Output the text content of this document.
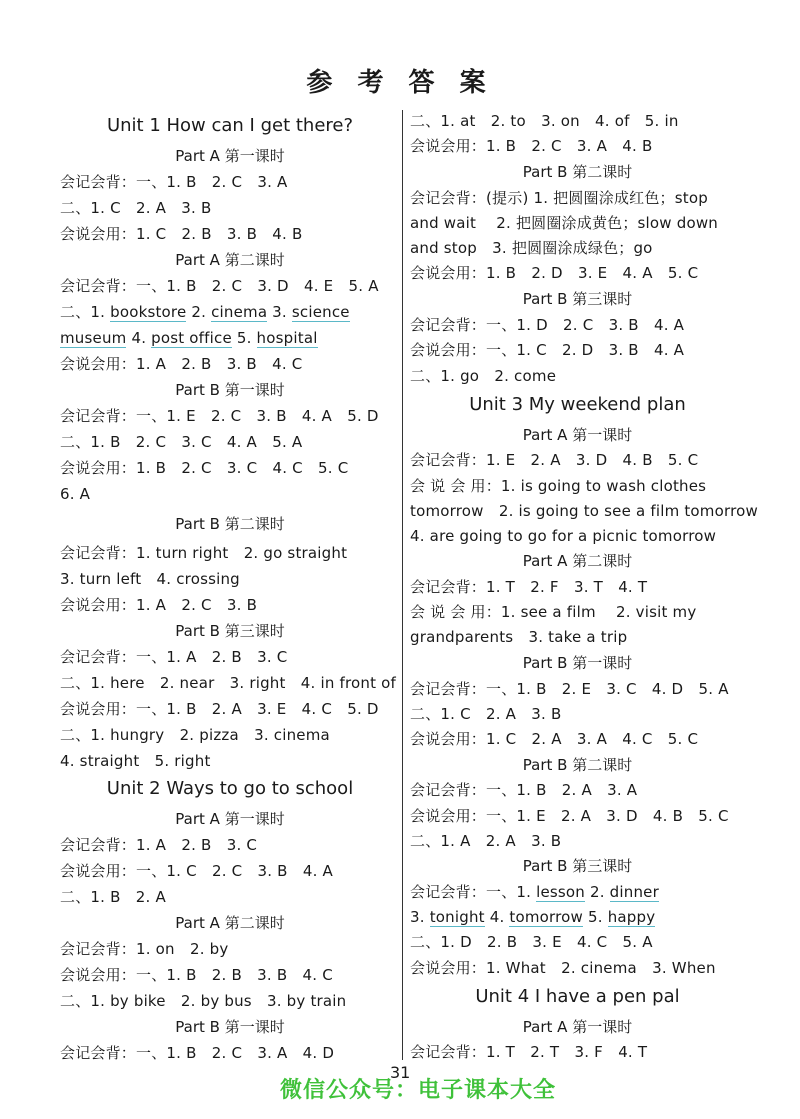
参 考 答 案
Unit 1 How can I get there?
Part A 第一课时
会记会背：一、1. B　2. C　3. A
二、1. C　2. A　3. B
会说会用：1. C　2. B　3. B　4. B
Part A 第二课时
会记会背：一、1. B　2. C　3. D　4. E　5. A
二、1. bookstore 2. cinema 3. science
museum 4. post office 5. hospital
会说会用：1. A　2. B　3. B　4. C
Part B 第一课时
会记会背：一、1. E　2. C　3. B　4. A　5. D
二、1. B　2. C　3. C　4. A　5. A
会说会用：1. B　2. C　3. C　4. C　5. C
6. A
Part B 第二课时
会记会背：1. turn right　2. go straight
3. turn left　4. crossing
会说会用：1. A　2. C　3. B
Part B 第三课时
会记会背：一、1. A　2. B　3. C
二、1. here　2. near　3. right　4. in front of
会说会用：一、1. B　2. A　3. E　4. C　5. D
二、1. hungry　2. pizza　3. cinema
4. straight　5. right
Unit 2 Ways to go to school
Part A 第一课时
会记会背：1. A　2. B　3. C
会说会用：一、1. C　2. C　3. B　4. A
二、1. B　2. A
Part A 第二课时
会记会背：1. on　2. by
会说会用：一、1. B　2. B　3. B　4. C
二、1. by bike　2. by bus　3. by train
Part B 第一课时
会记会背：一、1. B　2. C　3. A　4. D
二、1. at　2. to　3. on　4. of　5. in
会说会用：1. B　2. C　3. A　4. B
Part B 第二课时
会记会背：(提示) 1. 把圆圈涂成红色；stop
and wait　 2. 把圆圈涂成黄色；slow down
and stop　3. 把圆圈涂成绿色；go
会说会用：1. B　2. D　3. E　4. A　5. C
Part B 第三课时
会记会背：一、1. D　2. C　3. B　4. A
会说会用：一、1. C　2. D　3. B　4. A
二、1. go　2. come
Unit 3 My weekend plan
Part A 第一课时
会记会背：1. E　2. A　3. D　4. B　5. C
会 说 会 用：1. is going to wash clothes
tomorrow　2. is going to see a film tomorrow
4. are going to go for a picnic tomorrow
Part A 第二课时
会记会背：1. T　2. F　3. T　4. T
会 说 会 用：1. see a film　 2. visit my
grandparents　3. take a trip
Part B 第一课时
会记会背：一、1. B　2. E　3. C　4. D　5. A
二、1. C　2. A　3. B
会说会用：1. C　2. A　3. A　4. C　5. C
Part B 第二课时
会记会背：一、1. B　2. A　3. A
会说会用：一、1. E　2. A　3. D　4. B　5. C
二、1. A　2. A　3. B
Part B 第三课时
会记会背：一、1. lesson 2. dinner
3. tonight 4. tomorrow 5. happy
二、1. D　2. B　3. E　4. C　5. A
会说会用：1. What　2. cinema　3. When
Unit 4 I have a pen pal
Part A 第一课时
会记会背：1. T　2. T　3. F　4. T
31
微信公众号：电子课本大全
